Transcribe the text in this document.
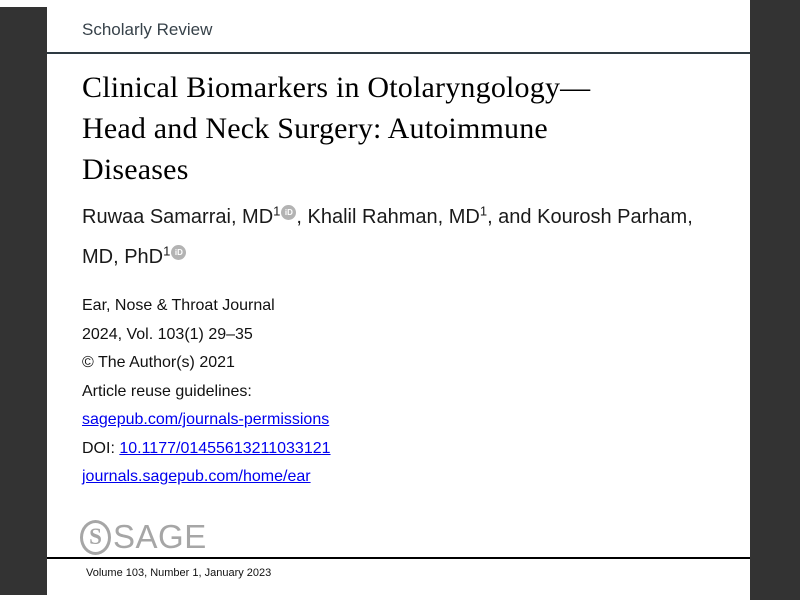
Scholarly Review
Clinical Biomarkers in Otolaryngology—
Head and Neck Surgery: Autoimmune
Diseases
Ruwaa Samarrai, $MD^1$ iD , Khalil Rahman, $MD^1$, and Kourosh Parham, MD, PhD$^1$ iD
Ear, Nose & Throat Journal
2024, Vol. 103(1) 29–35
© The Author(s) 2021
Article reuse guidelines:
sagepub.com/journals-permissions
DOI: 10.1177/01455613211033121
journals.sagepub.com/home/ear
S SAGE
Volume 103, Number 1, January 2023
